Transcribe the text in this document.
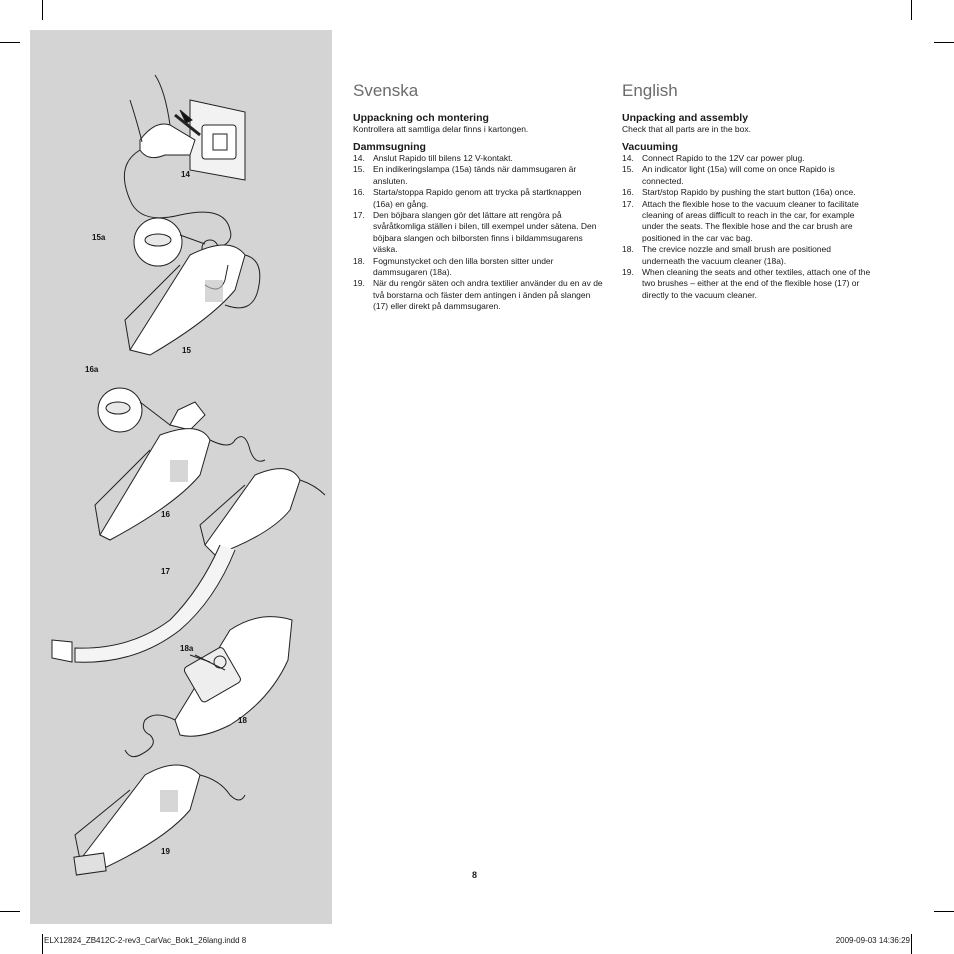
14
15a
15
16a
16
17
18a
18
19
Svenska

Uppackning och montering

Kontrollera att samtliga delar finns i kartongen.

Dammsugning

14. Anslut Rapido till bilens 12 V-kontakt.
15. En indikeringslampa (15a) tänds när dammsugaren är ansluten.
16. Starta/stoppa Rapido genom att trycka på startknappen (16a) en gång.
17. Den böjbara slangen gör det lättare att rengöra på svåråtkomliga ställen i bilen, till exempel under sätena. Den böjbara slangen och bilborsten finns i bildammsugarens väska.
18. Fogmunstycket och den lilla borsten sitter under dammsugaren (18a).
19. När du rengör säten och andra textilier använder du en av de två borstarna och fäster dem antingen i änden på slangen (17) eller direkt på dammsugaren.
English

Unpacking and assembly

Check that all parts are in the box.

Vacuuming

14. Connect Rapido to the 12V car power plug.
15. An indicator light (15a) will come on once Rapido is connected.
16. Start/stop Rapido by pushing the start button (16a) once.
17. Attach the flexible hose to the vacuum cleaner to facilitate cleaning of areas difficult to reach in the car, for example under the seats. The flexible hose and the car brush are positioned in the car vac bag.
18. The crevice nozzle and small brush are positioned underneath the vacuum cleaner (18a).
19. When cleaning the seats and other textiles, attach one of the two brushes – either at the end of the flexible hose (17) or directly to the vacuum cleaner.
8
ELX12824_ZB412C-2-rev3_CarVac_Bok1_26lang.indd 8	2009-09-03 14:36:29
